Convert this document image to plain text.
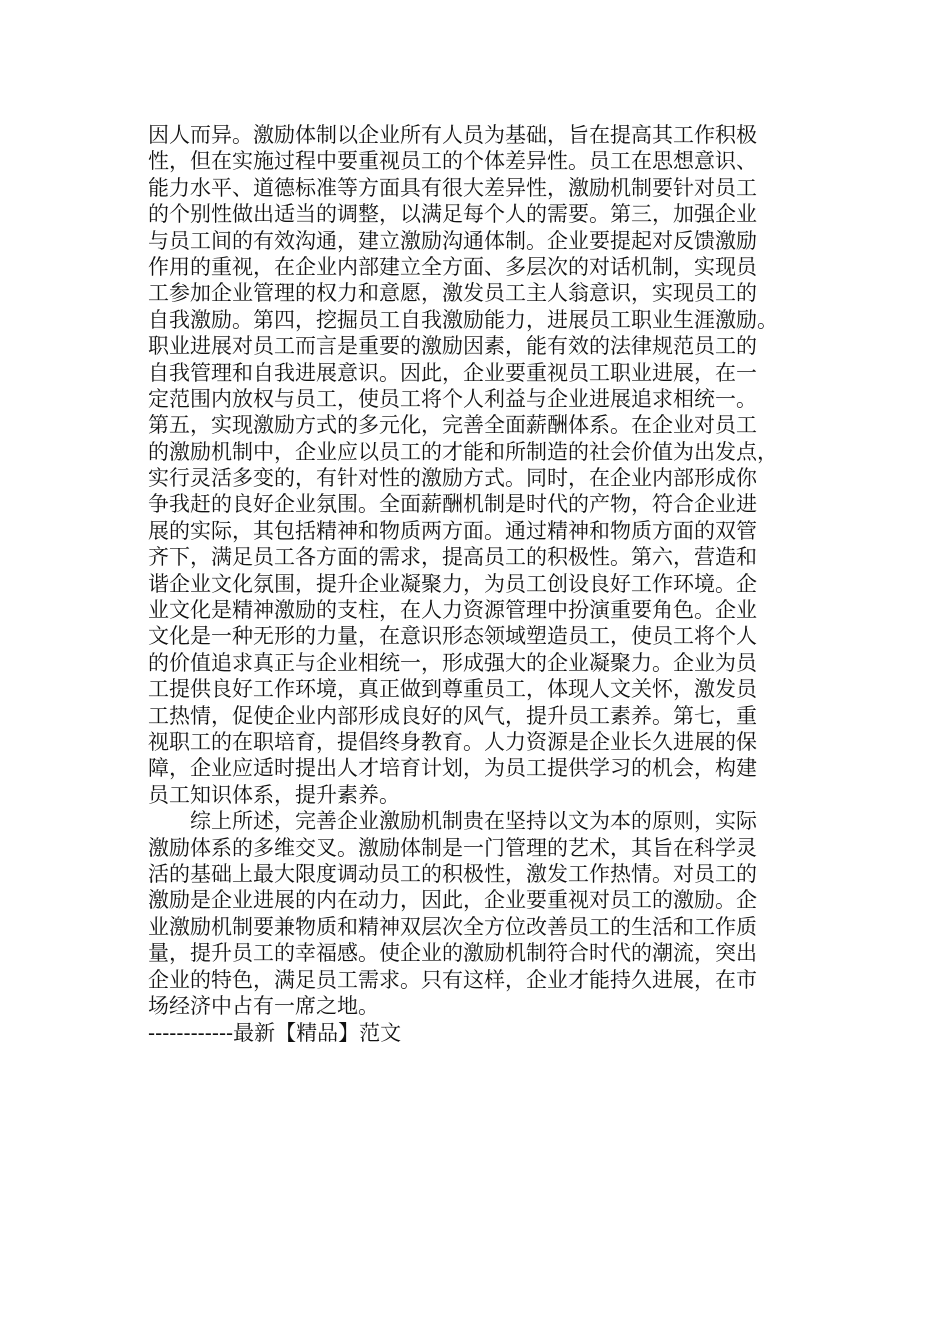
因人而异。激励体制以企业所有人员为基础，旨在提高其工作积极
性，但在实施过程中要重视员工的个体差异性。员工在思想意识、
能力水平、道德标准等方面具有很大差异性，激励机制要针对员工
的个别性做出适当的调整，以满足每个人的需要。第三，加强企业
与员工间的有效沟通，建立激励沟通体制。企业要提起对反馈激励
作用的重视，在企业内部建立全方面、多层次的对话机制，实现员
工参加企业管理的权力和意愿，激发员工主人翁意识，实现员工的
自我激励。第四，挖掘员工自我激励能力，进展员工职业生涯激励。
职业进展对员工而言是重要的激励因素，能有效的法律规范员工的
自我管理和自我进展意识。因此，企业要重视员工职业进展，在一
定范围内放权与员工，使员工将个人利益与企业进展追求相统一。
第五，实现激励方式的多元化，完善全面薪酬体系。在企业对员工
的激励机制中，企业应以员工的才能和所制造的社会价值为出发点，
实行灵活多变的，有针对性的激励方式。同时，在企业内部形成你
争我赶的良好企业氛围。全面薪酬机制是时代的产物，符合企业进
展的实际，其包括精神和物质两方面。通过精神和物质方面的双管
齐下，满足员工各方面的需求，提高员工的积极性。第六，营造和
谐企业文化氛围，提升企业凝聚力，为员工创设良好工作环境。企
业文化是精神激励的支柱，在人力资源管理中扮演重要角色。企业
文化是一种无形的力量，在意识形态领域塑造员工，使员工将个人
的价值追求真正与企业相统一，形成强大的企业凝聚力。企业为员
工提供良好工作环境，真正做到尊重员工，体现人文关怀，激发员
工热情，促使企业内部形成良好的风气，提升员工素养。第七，重
视职工的在职培育，提倡终身教育。人力资源是企业长久进展的保
障，企业应适时提出人才培育计划，为员工提供学习的机会，构建
员工知识体系，提升素养。
　　综上所述，完善企业激励机制贵在坚持以文为本的原则，实际
激励体系的多维交叉。激励体制是一门管理的艺术，其旨在科学灵
活的基础上最大限度调动员工的积极性，激发工作热情。对员工的
激励是企业进展的内在动力，因此，企业要重视对员工的激励。企
业激励机制要兼物质和精神双层次全方位改善员工的生活和工作质
量，提升员工的幸福感。使企业的激励机制符合时代的潮流，突出
企业的特色，满足员工需求。只有这样，企业才能持久进展，在市
场经济中占有一席之地。
------------最新【精品】范文
